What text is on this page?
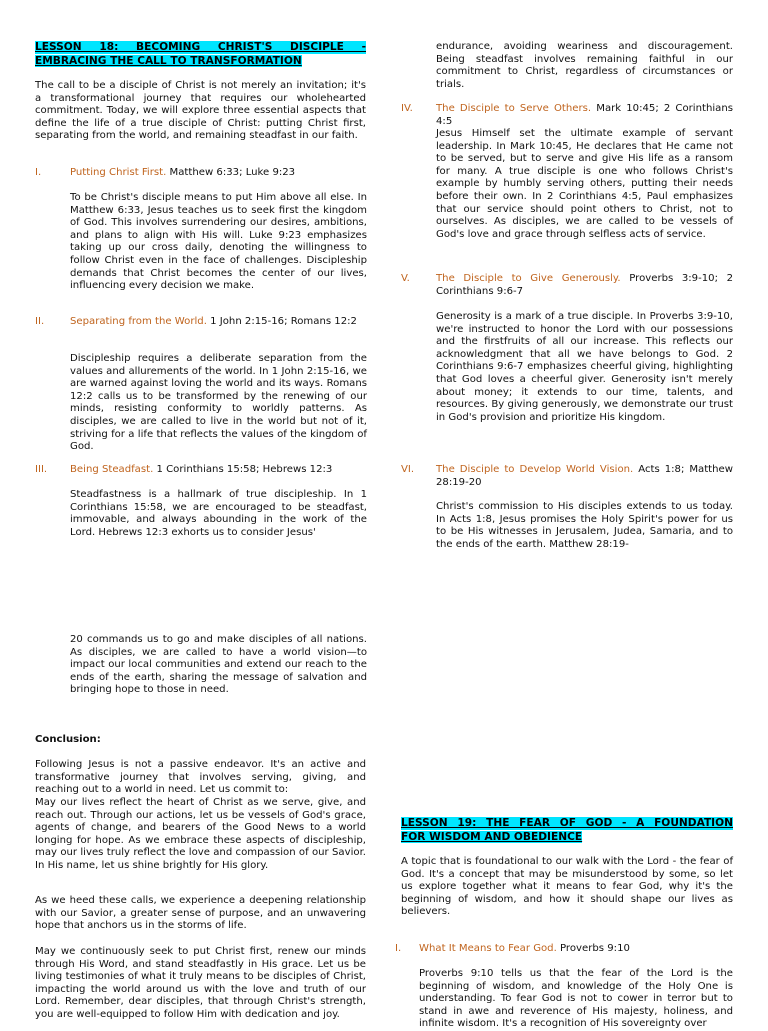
LESSON 18: BECOMING CHRIST'S DISCIPLE -
EMBRACING THE CALL TO TRANSFORMATION

The call to be a disciple of Christ is not merely an invitation; it's a transformational journey that requires our wholehearted commitment. Today, we will explore three essential aspects that define the life of a true disciple of Christ: putting Christ first, separating from the world, and remaining steadfast in our faith.

I.	Putting Christ First. Matthew 6:33; Luke 9:23

To be Christ's disciple means to put Him above all else. In Matthew 6:33, Jesus teaches us to seek first the kingdom of God. This involves surrendering our desires, ambitions, and plans to align with His will. Luke 9:23 emphasizes taking up our cross daily, denoting the willingness to follow Christ even in the face of challenges. Discipleship demands that Christ becomes the center of our lives, influencing every decision we make.

II.	Separating from the World. 1 John 2:15-16; Romans 12:2

Discipleship requires a deliberate separation from the values and allurements of the world. In 1 John 2:15-16, we are warned against loving the world and its ways. Romans 12:2 calls us to be transformed by the renewing of our minds, resisting conformity to worldly patterns. As disciples, we are called to live in the world but not of it, striving for a life that reflects the values of the kingdom of God.

III. Being Steadfast. 1 Corinthians 15:58; Hebrews 12:3

Steadfastness is a hallmark of true discipleship. In 1 Corinthians 15:58, we are encouraged to be steadfast, immovable, and always abounding in the work of the Lord. Hebrews 12:3 exhorts us to consider Jesus'

20 commands us to go and make disciples of all nations. As disciples, we are called to have a world vision—to impact our local communities and extend our reach to the ends of the earth, sharing the message of salvation and bringing hope to those in need.

Conclusion:

Following Jesus is not a passive endeavor. It's an active and transformative journey that involves serving, giving, and reaching out to a world in need. Let us commit to:

May our lives reflect the heart of Christ as we serve, give, and reach out. Through our actions, let us be vessels of God's grace, agents of change, and bearers of the Good News to a world longing for hope. As we embrace these aspects of discipleship, may our lives truly reflect the love and compassion of our Savior. In His name, let us shine brightly for His glory.

As we heed these calls, we experience a deepening relationship with our Savior, a greater sense of purpose, and an unwavering hope that anchors us in the storms of life.

May we continuously seek to put Christ first, renew our minds through His Word, and stand steadfastly in His grace. Let us be living testimonies of what it truly means to be disciples of Christ, impacting the world around us with the love and truth of our Lord. Remember, dear disciples, that through Christ's strength, you are well-equipped to follow Him with dedication and joy.

endurance, avoiding weariness and discouragement. Being steadfast involves remaining faithful in our commitment to Christ, regardless of circumstances or trials.

IV. The Disciple to Serve Others. Mark 10:45; 2 Corinthians 4:5

Jesus Himself set the ultimate example of servant leadership. In Mark 10:45, He declares that He came not to be served, but to serve and give His life as a ransom for many. A true disciple is one who follows Christ's example by humbly serving others, putting their needs before their own. In 2 Corinthians 4:5, Paul emphasizes that our service should point others to Christ, not to ourselves. As disciples, we are called to be vessels of God's love and grace through selfless acts of service.

V.	The Disciple to Give Generously. Proverbs 3:9-10; 2 Corinthians 9:6-7

Generosity is a mark of a true disciple. In Proverbs 3:9-10, we're instructed to honor the Lord with our possessions and the firstfruits of all our increase. This reflects our acknowledgment that all we have belongs to God. 2 Corinthians 9:6-7 emphasizes cheerful giving, highlighting that God loves a cheerful giver. Generosity isn't merely about money; it extends to our time, talents, and resources. By giving generously, we demonstrate our trust in God's provision and prioritize His kingdom.

VI. The Disciple to Develop World Vision. Acts 1:8; Matthew 28:19-20

Christ's commission to His disciples extends to us today. In Acts 1:8, Jesus promises the Holy Spirit's power for us to be His witnesses in Jerusalem, Judea, Samaria, and to the ends of the earth. Matthew 28:19-

LESSON 19: THE FEAR OF GOD - A FOUNDATION
FOR WISDOM AND OBEDIENCE

A topic that is foundational to our walk with the Lord - the fear of God. It's a concept that may be misunderstood by some, so let us explore together what it means to fear God, why it's the beginning of wisdom, and how it should shape our lives as believers.

I. What It Means to Fear God. Proverbs 9:10

Proverbs 9:10 tells us that the fear of the Lord is the beginning of wisdom, and knowledge of the Holy One is understanding. To fear God is not to cower in terror but to stand in awe and reverence of His majesty, holiness, and infinite wisdom. It's a recognition of His sovereignty over
